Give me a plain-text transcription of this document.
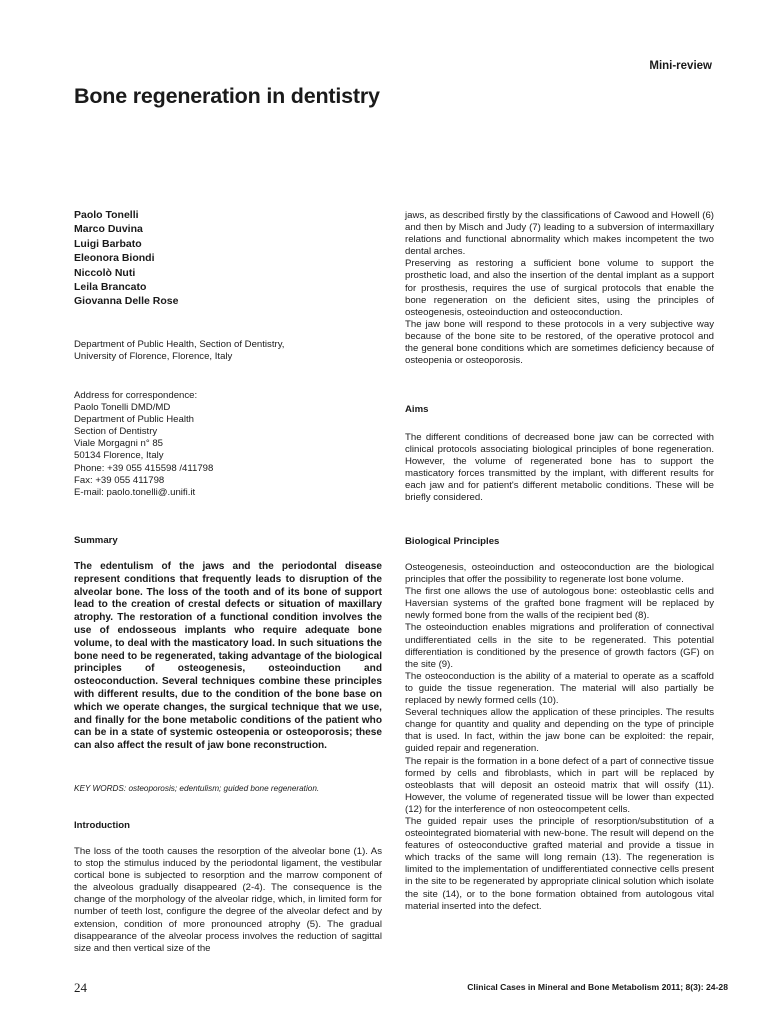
Mini-review
Bone regeneration in dentistry
Paolo Tonelli
Marco Duvina
Luigi Barbato
Eleonora Biondi
Niccolò Nuti
Leila Brancato
Giovanna Delle Rose
Department of Public Health, Section of Dentistry,
University of Florence, Florence, Italy
Address for correspondence:
Paolo Tonelli DMD/MD
Department of Public Health
Section of Dentistry
Viale Morgagni n° 85
50134 Florence, Italy
Phone: +39 055 415598 /411798
Fax: +39 055 411798
E-mail: paolo.tonelli@.unifi.it
Summary

The edentulism of the jaws and the periodontal disease represent conditions that frequently leads to disruption of the alveolar bone. The loss of the tooth and of its bone of support lead to the creation of crestal defects or situation of maxillary atrophy. The restoration of a functional condition involves the use of endosseous implants who require adequate bone volume, to deal with the masticatory load. In such situations the bone need to be regenerated, taking advantage of the biological principles of osteogenesis, osteoinduction and osteoconduction. Several techniques combine these principles with different results, due to the condition of the bone base on which we operate changes, the surgical technique that we use, and finally for the bone metabolic conditions of the patient who can be in a state of systemic osteopenia or osteoporosis; these can also affect the result of jaw bone reconstruction.

KEY WORDS: osteoporosis; edentulism; guided bone regeneration.
Introduction

The loss of the tooth causes the resorption of the alveolar bone (1). As to stop the stimulus induced by the periodontal ligament, the vestibular cortical bone is subjected to resorption and the marrow component of the alveolous gradually disappeared (2-4). The consequence is the change of the morphology of the alveolar ridge, which, in limited form for number of teeth lost, configure the degree of the alveolar defect and by extension, condition of more pronounced atrophy (5). The gradual disappearance of the alveolar process involves the reduction of sagittal size and then vertical size of the

jaws, as described firstly by the classifications of Cawood and Howell (6) and then by Misch and Judy (7) leading to a subversion of intermaxillary relations and functional abnormality which makes incompetent the two dental arches.

Preserving as restoring a sufficient bone volume to support the prosthetic load, and also the insertion of the dental implant as a support for prosthesis, requires the use of surgical protocols that enable the bone regeneration on the deficient sites, using the principles of osteogenesis, osteoinduction and osteoconduction.

The jaw bone will respond to these protocols in a very subjective way because of the bone site to be restored, of the operative protocol and the general bone conditions which are sometimes deficiency because of osteopenia or osteoporosis.

Aims

The different conditions of decreased bone jaw can be corrected with clinical protocols associating biological principles of bone regeneration. However, the volume of regenerated bone has to support the masticatory forces transmitted by the implant, with different results for each jaw and for patient's different metabolic conditions. These will be briefly considered.

Biological Principles

Osteogenesis, osteoinduction and osteoconduction are the biological principles that offer the possibility to regenerate lost bone volume.

The first one allows the use of autologous bone: osteoblastic cells and Haversian systems of the grafted bone fragment will be replaced by newly formed bone from the walls of the recipient bed (8).

The osteoinduction enables migrations and proliferation of connectival undifferentiated cells in the site to be regenerated. This potential differentiation is conditioned by the presence of growth factors (GF) on the site (9).

The osteoconduction is the ability of a material to operate as a scaffold to guide the tissue regeneration. The material will also partially be replaced by newly formed cells (10).

Several techniques allow the application of these principles. The results change for quantity and quality and depending on the type of principle that is used. In fact, within the jaw bone can be exploited: the repair, guided repair and regeneration.

The repair is the formation in a bone defect of a part of connective tissue formed by cells and fibroblasts, which in part will be replaced by osteoblasts that will deposit an osteoid matrix that will ossify (11). However, the volume of regenerated tissue will be lower than expected (12) for the interference of non osteocompetent cells.

The guided repair uses the principle of resorption/substitution of a osteointegrated biomaterial with new-bone. The result will depend on the features of osteoconductive grafted material and provide a tissue in which tracks of the same will long remain (13). The regeneration is limited to the implementation of undifferentiated connective cells present in the site to be regenerated by appropriate clinical solution which isolate the site (14), or to the bone formation obtained from autologous vital material inserted into the defect.

24	Clinical Cases in Mineral and Bone Metabolism 2011; 8(3): 24-28
